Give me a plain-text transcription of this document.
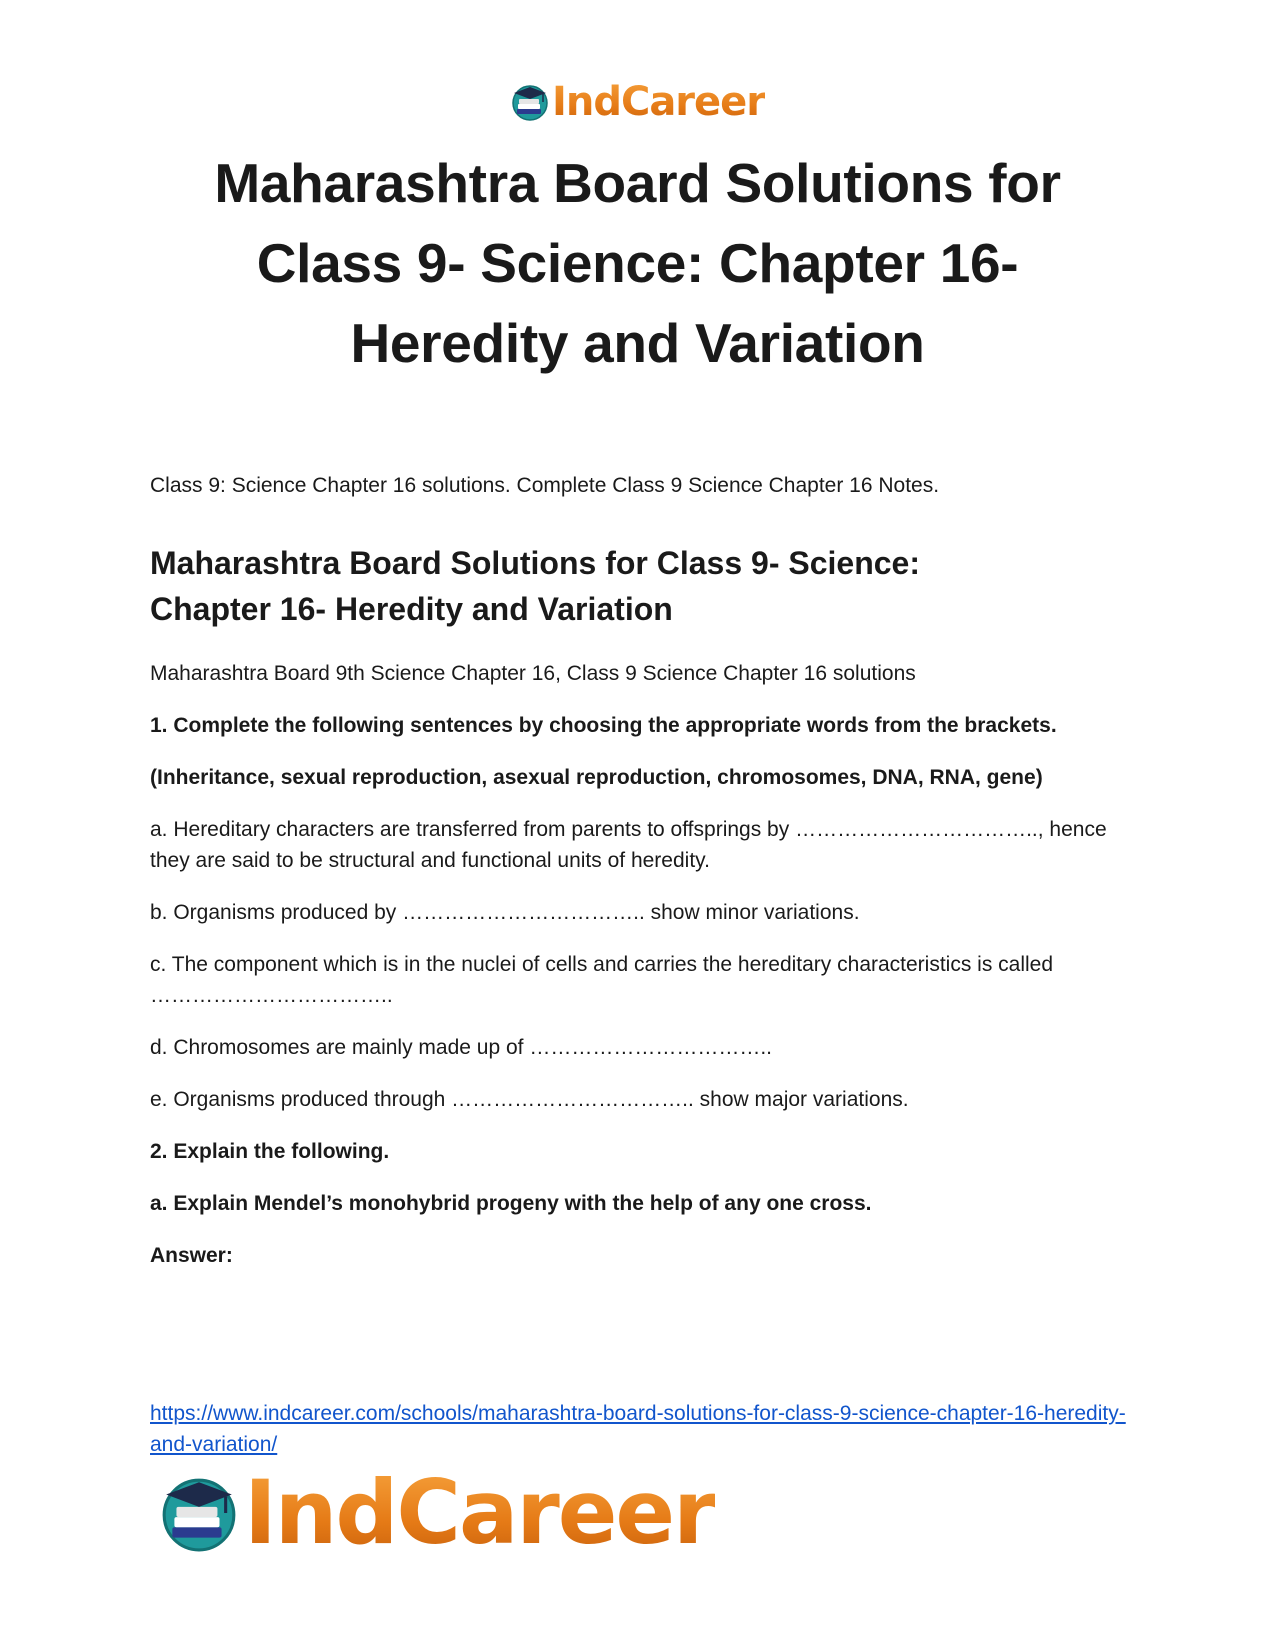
IndCareer
Maharashtra Board Solutions for
Class 9- Science: Chapter 16-
Heredity and Variation

Class 9: Science Chapter 16 solutions. Complete Class 9 Science Chapter 16 Notes.

Maharashtra Board Solutions for Class 9- Science:
Chapter 16- Heredity and Variation

Maharashtra Board 9th Science Chapter 16, Class 9 Science Chapter 16 solutions

1. Complete the following sentences by choosing the appropriate words from the brackets.

(Inheritance, sexual reproduction, asexual reproduction, chromosomes, DNA, RNA, gene)

a. Hereditary characters are transferred from parents to offsprings by …………………………….., hence they are said to be structural and functional units of heredity.

b. Organisms produced by …………………………….. show minor variations.

c. The component which is in the nuclei of cells and carries the hereditary characteristics is called ……………………………..

d. Chromosomes are mainly made up of ……………………………..

e. Organisms produced through …………………………….. show major variations.

2. Explain the following.

a. Explain Mendel’s monohybrid progeny with the help of any one cross.

Answer:

https://www.indcareer.com/schools/maharashtra-board-solutions-for-class-9-science-chapter-16-heredity-and-variation/

IndCareer
